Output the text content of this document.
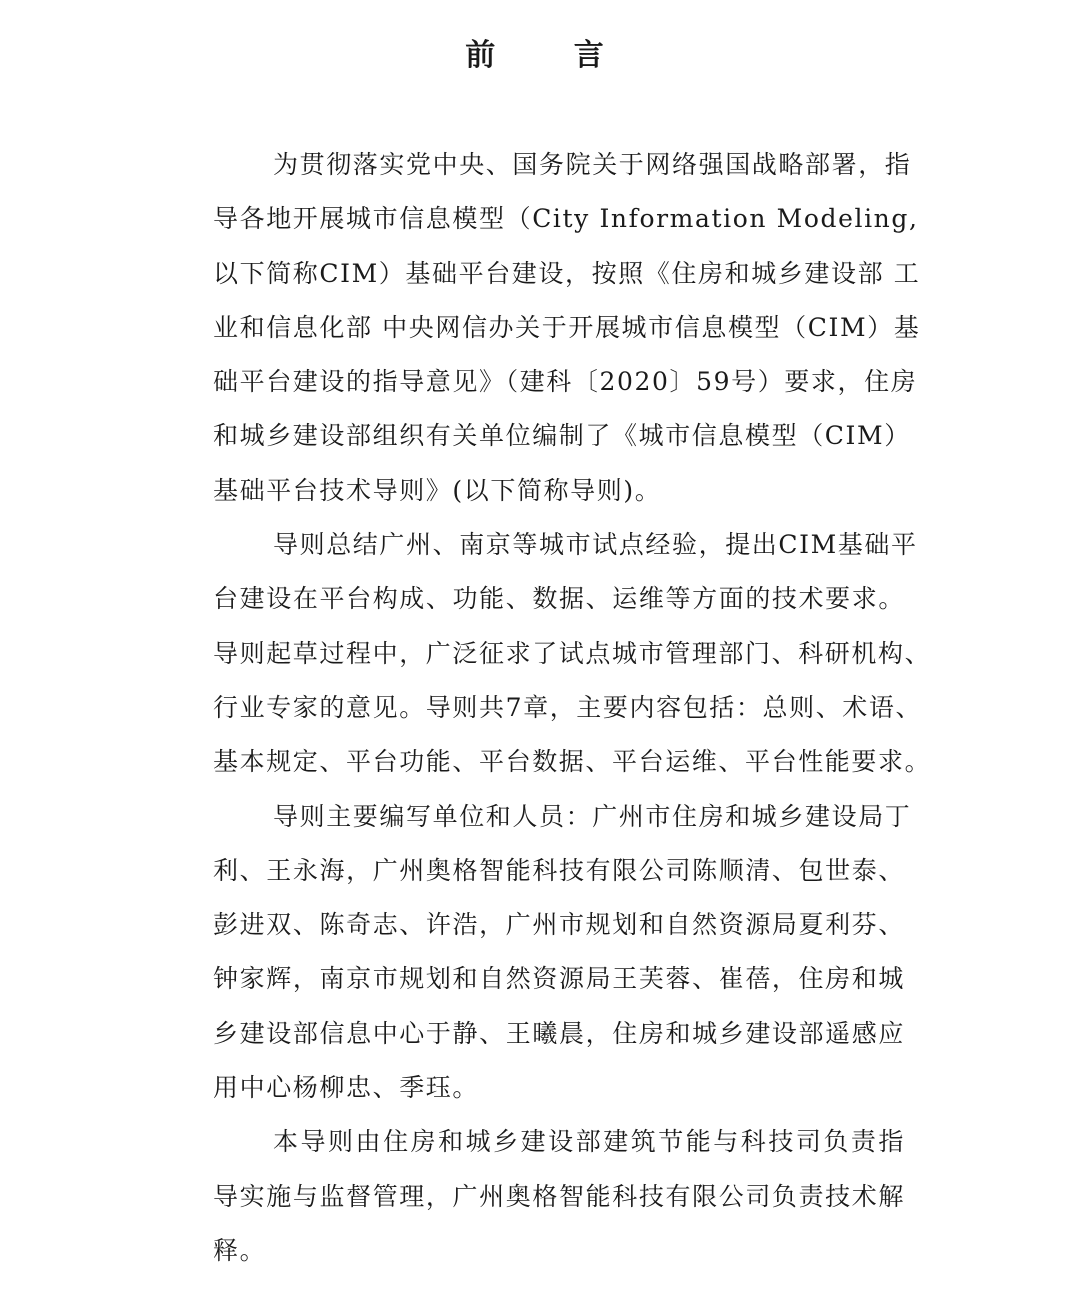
前 言
为贯彻落实党中央、国务院关于网络强国战略部署，指
导各地开展城市信息模型（City Information Modeling,
以下简称CIM）基础平台建设，按照《住房和城乡建设部 工
业和信息化部 中央网信办关于开展城市信息模型（CIM）基
础平台建设的指导意见》（建科〔2020〕59号）要求，住房
和城乡建设部组织有关单位编制了《城市信息模型（CIM）
基础平台技术导则》(以下简称导则)。
导则总结广州、南京等城市试点经验，提出CIM基础平
台建设在平台构成、功能、数据、运维等方面的技术要求。
导则起草过程中，广泛征求了试点城市管理部门、科研机构、
行业专家的意见。导则共7章，主要内容包括：总则、术语、
基本规定、平台功能、平台数据、平台运维、平台性能要求。
导则主要编写单位和人员：广州市住房和城乡建设局丁
利、王永海，广州奥格智能科技有限公司陈顺清、包世泰、
彭进双、陈奇志、许浩，广州市规划和自然资源局夏利芬、
钟家辉，南京市规划和自然资源局王芙蓉、崔蓓，住房和城
乡建设部信息中心于静、王曦晨，住房和城乡建设部遥感应
用中心杨柳忠、季珏。
本导则由住房和城乡建设部建筑节能与科技司负责指
导实施与监督管理，广州奥格智能科技有限公司负责技术解
释。
